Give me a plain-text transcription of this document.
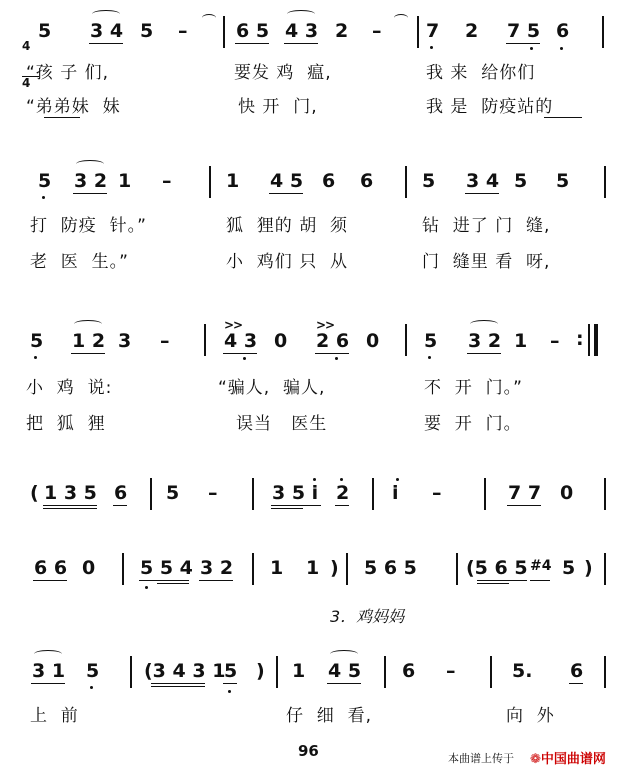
4

4

5 3 4 5 –	6 5 4 3 2 – 7 2 7 5 6
“孩 子 们,	要发 鸡  瘟,	我 来  给你们
“弟弟妹  妹	快 开  门,	我 是  防疫站的
5 3 2 1 –	1 4 5 6 6	5 3 4 5 5
打  防疫  针。”	狐  狸的 胡  须	钻  进了 门  缝,
老  医  生。”	小  鸡们 只  从	门  缝里 看  呀,
5 1 2 3 –
>>
4 3 0
>>
2 6 0 5 3 2 1 – :
小  鸡  说:	“骗人,  骗人,	不  开  门。”
把  狐  狸	误当   医生	要  开  门。
( 1 3 5 6 5 –	3 5 i 2 i –	7 7 0
6 6 0 5 5 4 3 2 1 1 ) 5 6 5	(5 6 5 #4 5 )
3．鸡妈妈
3 1 5 (3 4 3 1
5 ) 1 4 5 6 –	5. 6
上  前	仔  细  看,	向  外
96	本曲谱上传于 ❁中国曲谱网
